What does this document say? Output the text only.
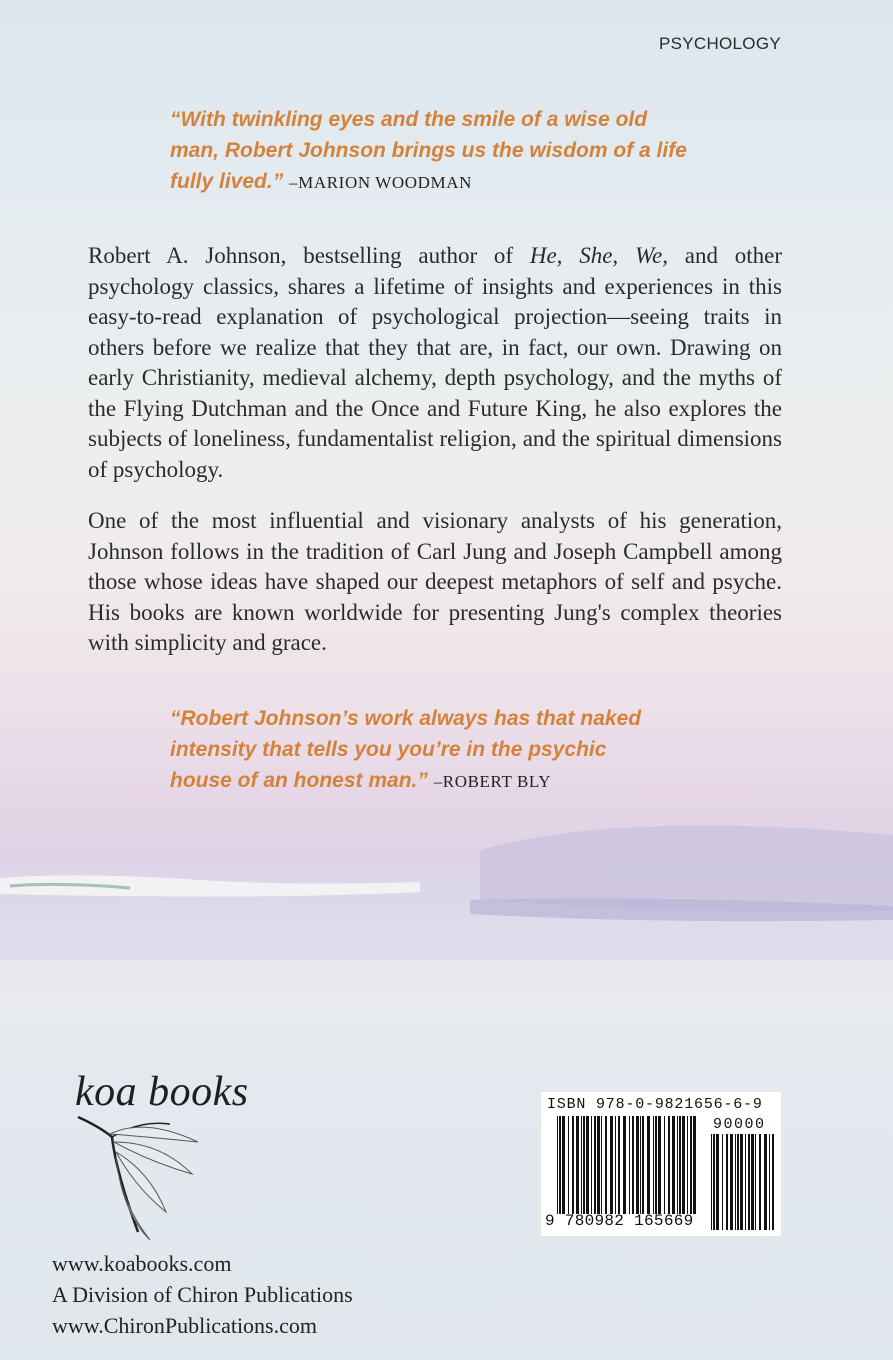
PSYCHOLOGY
“With twinkling eyes and the smile of a wise old man, Robert Johnson brings us the wisdom of a life fully lived.” –MARION WOODMAN

Robert A. Johnson, bestselling author of He, She, We, and other psychology classics, shares a lifetime of insights and experiences in this easy-to-read explanation of psychological projection—seeing traits in others before we realize that they that are, in fact, our own. Drawing on early Christianity, medieval alchemy, depth psychology, and the myths of the Flying Dutchman and the Once and Future King, he also explores the subjects of loneliness, fundamentalist religion, and the spiritual dimensions of psychology.

One of the most influential and visionary analysts of his generation, Johnson follows in the tradition of Carl Jung and Joseph Campbell among those whose ideas have shaped our deepest metaphors of self and psyche. His books are known worldwide for presenting Jung's complex theories with simplicity and grace.

“Robert Johnson’s work always has that naked intensity that tells you you’re in the psychic house of an honest man.” –ROBERT BLY
koa books
www.koabooks.com
A Division of Chiron Publications
www.ChironPublications.com
ISBN 978-0-9821656-6-9
90000
9 780982 165669
